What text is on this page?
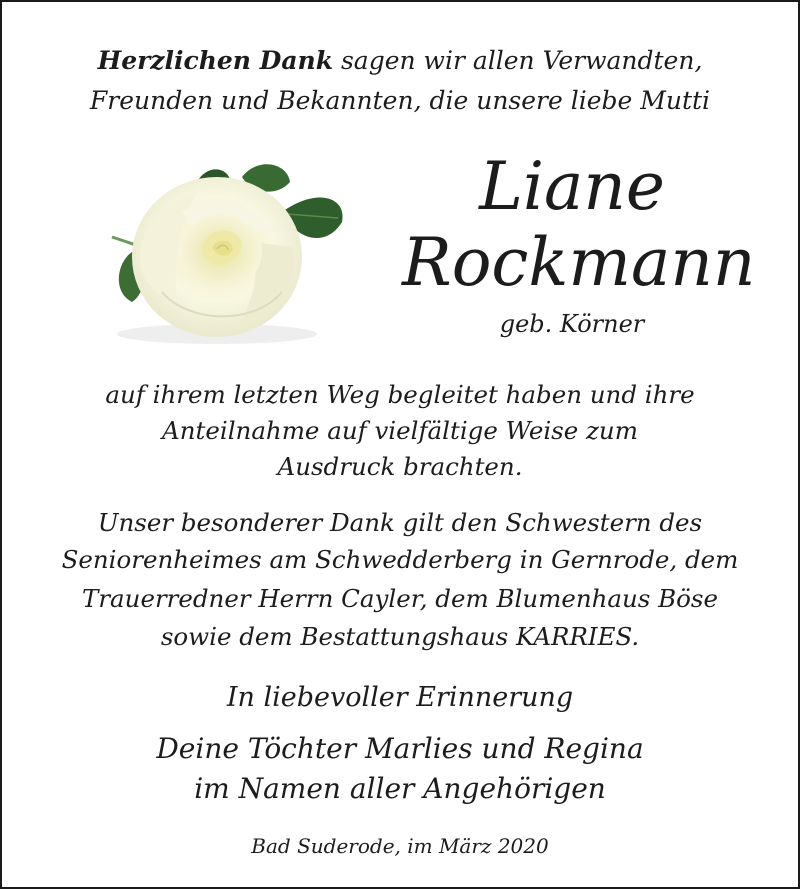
Herzlichen Dank sagen wir allen Verwandten,
Freunden und Bekannten, die unsere liebe Mutti
Liane
Rockmann
geb. Körner
auf ihrem letzten Weg begleitet haben und ihre
Anteilnahme auf vielfältige Weise zum
Ausdruck brachten.
Unser besonderer Dank gilt den Schwestern des
Seniorenheimes am Schwedderberg in Gernrode, dem
Trauerredner Herrn Cayler, dem Blumenhaus Böse
sowie dem Bestattungshaus KARRIES.
In liebevoller Erinnerung
Deine Töchter Marlies und Regina
im Namen aller Angehörigen
Bad Suderode, im März 2020
